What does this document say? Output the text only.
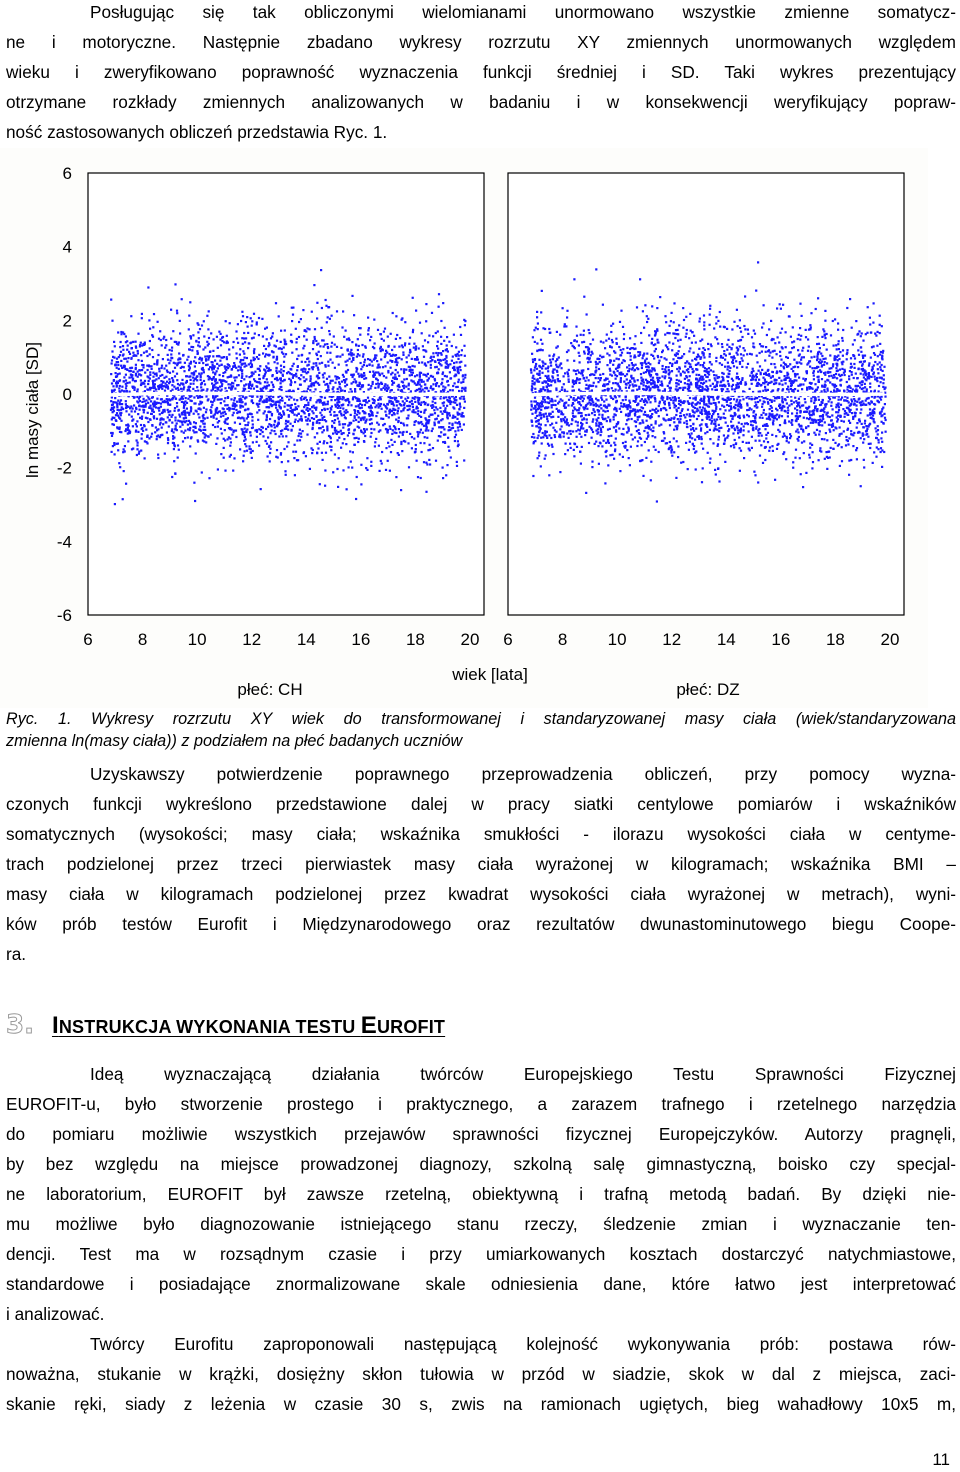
Posługując się tak obliczonymi wielomianami unormowano wszystkie zmienne somatycz-
ne i motoryczne. Następnie zbadano wykresy rozrzutu XY zmiennych unormowanych względem
wieku i zweryfikowano poprawność wyznaczenia funkcji średniej i SD. Taki wykres prezentujący
otrzymane rozkłady zmiennych analizowanych w badaniu i w konsekwencji weryfikujący popraw-
ność zastosowanych obliczeń przedstawia Ryc. 1.
6
4
2
0
-2
-4
-6
6	8 10 12 14 16 18 20 6	8 10 12 14 16 18 20
ln masy ciała [SD]
wiek [lata]
płeć: CH	płeć: DZ
Ryc. 1. Wykresy rozrzutu XY wiek do transformowanej i standaryzowanej masy ciała (wiek/standaryzowana
zmienna ln(masy ciała)) z podziałem na płeć badanych uczniów
Uzyskawszy potwierdzenie poprawnego przeprowadzenia obliczeń, przy pomocy wyzna-
czonych funkcji wykreślono przedstawione dalej w pracy siatki centylowe pomiarów i wskaźników
somatycznych (wysokości; masy ciała; wskaźnika smukłości - ilorazu wysokości ciała w centyme-
trach podzielonej przez trzeci pierwiastek masy ciała wyrażonej w kilogramach; wskaźnika BMI –
masy ciała w kilogramach podzielonej przez kwadrat wysokości ciała wyrażonej w metrach), wyni-
ków prób testów Eurofit i Międzynarodowego oraz rezultatów dwunastominutowego biegu Coope-
ra.
3. INSTRUKCJA WYKONANIA TESTU EUROFIT
Ideą wyznaczającą działania twórców Europejskiego Testu Sprawności Fizycznej
EUROFIT-u, było stworzenie prostego i praktycznego, a zarazem trafnego i rzetelnego narzędzia
do pomiaru możliwie wszystkich przejawów sprawności fizycznej Europejczyków. Autorzy pragnęli,
by bez względu na miejsce prowadzonej diagnozy, szkolną salę gimnastyczną, boisko czy specjal-
ne laboratorium, EUROFIT był zawsze rzetelną, obiektywną i trafną metodą badań. By dzięki nie-
mu możliwe było diagnozowanie istniejącego stanu rzeczy, śledzenie zmian i wyznaczanie ten-
dencji. Test ma w rozsądnym czasie i przy umiarkowanych kosztach dostarczyć natychmiastowe,
standardowe i posiadające znormalizowane skale odniesienia dane, które łatwo jest interpretować
i analizować.
Twórcy Eurofitu zaproponowali następującą kolejność wykonywania prób: postawa rów-
noważna, stukanie w krążki, dosiężny skłon tułowia w przód w siadzie, skok w dal z miejsca, zaci-
skanie ręki, siady z leżenia w czasie 30 s, zwis na ramionach ugiętych, bieg wahadłowy 10x5 m,
11
